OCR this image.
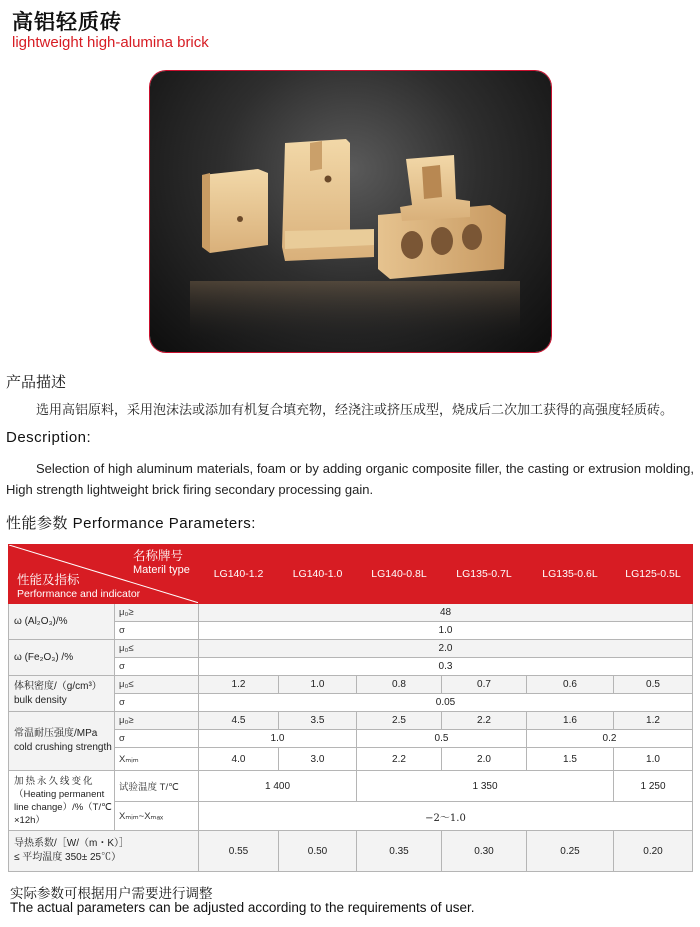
高铝轻质砖
lightweight high-alumina brick
产品描述
选用高铝原料，采用泡沫法或添加有机复合填充物，经浇注或挤压成型，烧成后二次加工获得的高强度轻质砖。
Description:
Selection of high aluminum materials, foam or by adding organic composite filler, the casting or extrusion molding, High strength lightweight brick firing secondary processing gain.
性能参数 Performance Parameters:
名称牌号
Materil type
性能及指标
Performance and indicator		LG140-1.2	LG140-1.0	LG140-0.8L	LG135-0.7L	LG135-0.6L	LG125-0.5L
ω (Al₂O₃)/%	μ₀≥	48					
	σ	1.0					
ω (Fe₂O₃) /%	μ₀≤	2.0					
	σ	0.3					

体积密度/（g/cm³）
bulk density	μ₀≤	1.2	1.0	0.8	0.7	0.6	0.5
	σ	0.05					

常温耐压强度/MPa
cold crushing strength	μ₀≥	4.5	3.5	2.5	2.2	1.6	1.2
	σ	1.0		0.5		0.2	
	Xₘᵢₘ	4.0	3.0	2.2	2.0	1.5	1.0

加热永久线变化
（Heating permanent line change）/%（T/℃ ×12h）	试验温度 T/℃	1 400		1 350			1 250
	Xₘᵢₘ~Xₘₐₓ	−2～1.0					

导热系数/［W/（m・K）］
≤ 平均温度 350± 25℃）		0.55	0.50	0.35	0.30	0.25	0.20
实际参数可根据用户需要进行调整
The actual parameters can be adjusted according to the requirements of user.
